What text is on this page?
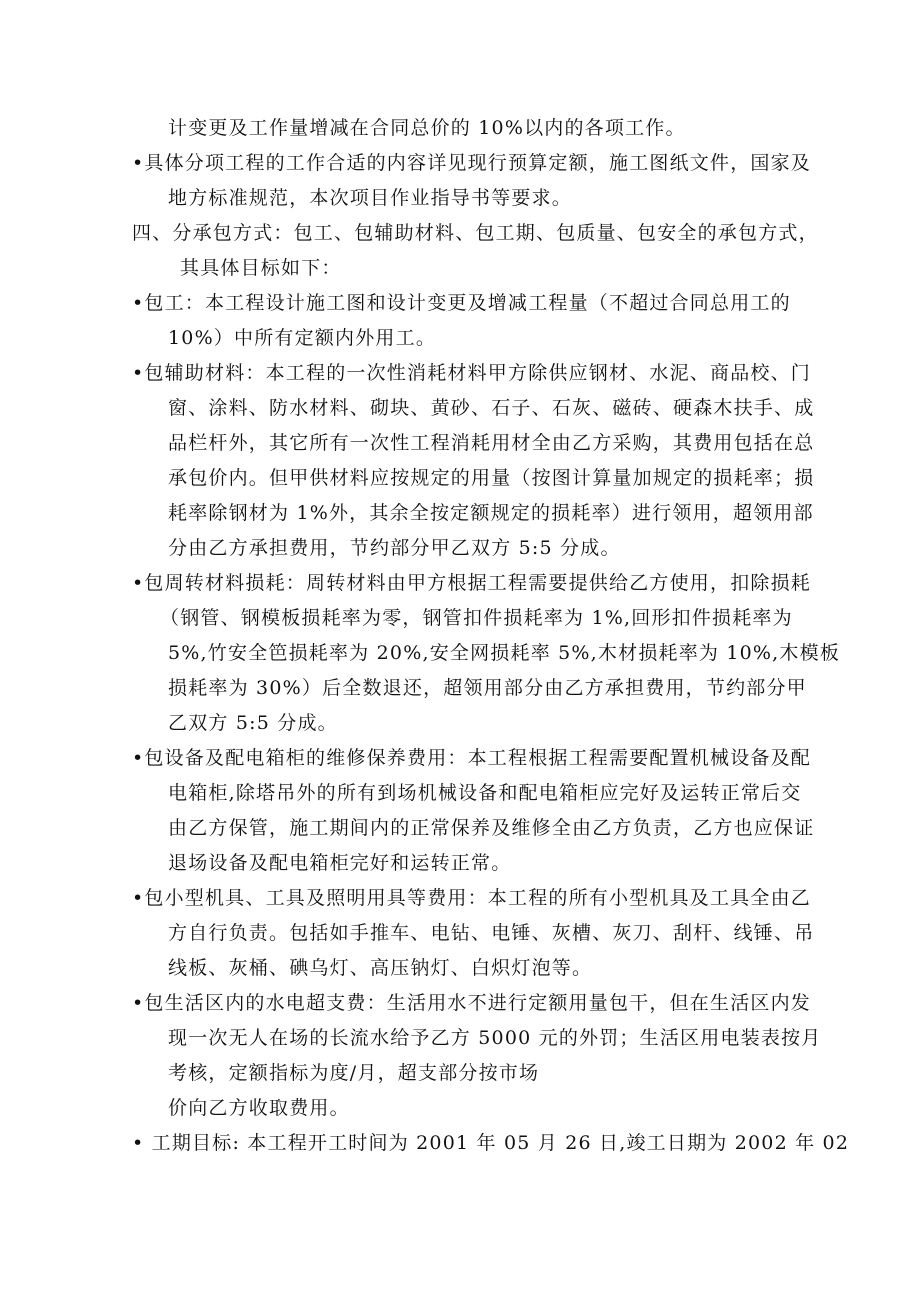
计变更及工作量增减在合同总价的 10%以内的各项工作。
•具体分项工程的工作合适的内容详见现行预算定额，施工图纸文件，国家及
地方标准规范，本次项目作业指导书等要求。
四、分承包方式：包工、包辅助材料、包工期、包质量、包安全的承包方式，
其具体目标如下：
•包工：本工程设计施工图和设计变更及增减工程量（不超过合同总用工的
10%）中所有定额内外用工。
•包辅助材料：本工程的一次性消耗材料甲方除供应钢材、水泥、商品校、门
窗、涂料、防水材料、砌块、黄砂、石子、石灰、磁砖、硬森木扶手、成
品栏杆外，其它所有一次性工程消耗用材全由乙方采购，其费用包括在总
承包价内。但甲供材料应按规定的用量（按图计算量加规定的损耗率；损
耗率除钢材为 1%外，其余全按定额规定的损耗率）进行领用，超领用部
分由乙方承担费用，节约部分甲乙双方 5:5 分成。
•包周转材料损耗：周转材料由甲方根据工程需要提供给乙方使用，扣除损耗
（钢管、钢模板损耗率为零，钢管扣件损耗率为 1%,回形扣件损耗率为
5%,竹安全笆损耗率为 20%,安全网损耗率 5%,木材损耗率为 10%,木模板
损耗率为 30%）后全数退还，超领用部分由乙方承担费用，节约部分甲
乙双方 5:5 分成。
•包设备及配电箱柜的维修保养费用：本工程根据工程需要配置机械设备及配
电箱柜,除塔吊外的所有到场机械设备和配电箱柜应完好及运转正常后交
由乙方保管，施工期间内的正常保养及维修全由乙方负责，乙方也应保证
退场设备及配电箱柜完好和运转正常。
•包小型机具、工具及照明用具等费用：本工程的所有小型机具及工具全由乙
方自行负责。包括如手推车、电钻、电锤、灰槽、灰刀、刮杆、线锤、吊
线板、灰桶、碘乌灯、高压钠灯、白炽灯泡等。
•包生活区内的水电超支费：生活用水不进行定额用量包干，但在生活区内发
现一次无人在场的长流水给予乙方 5000 元的外罚；生活区用电装表按月
考核，定额指标为度/月，超支部分按市场
价向乙方收取费用。
• 工期目标: 本工程开工时间为 2001 年 05 月 26 日,竣工日期为 2002 年 02
